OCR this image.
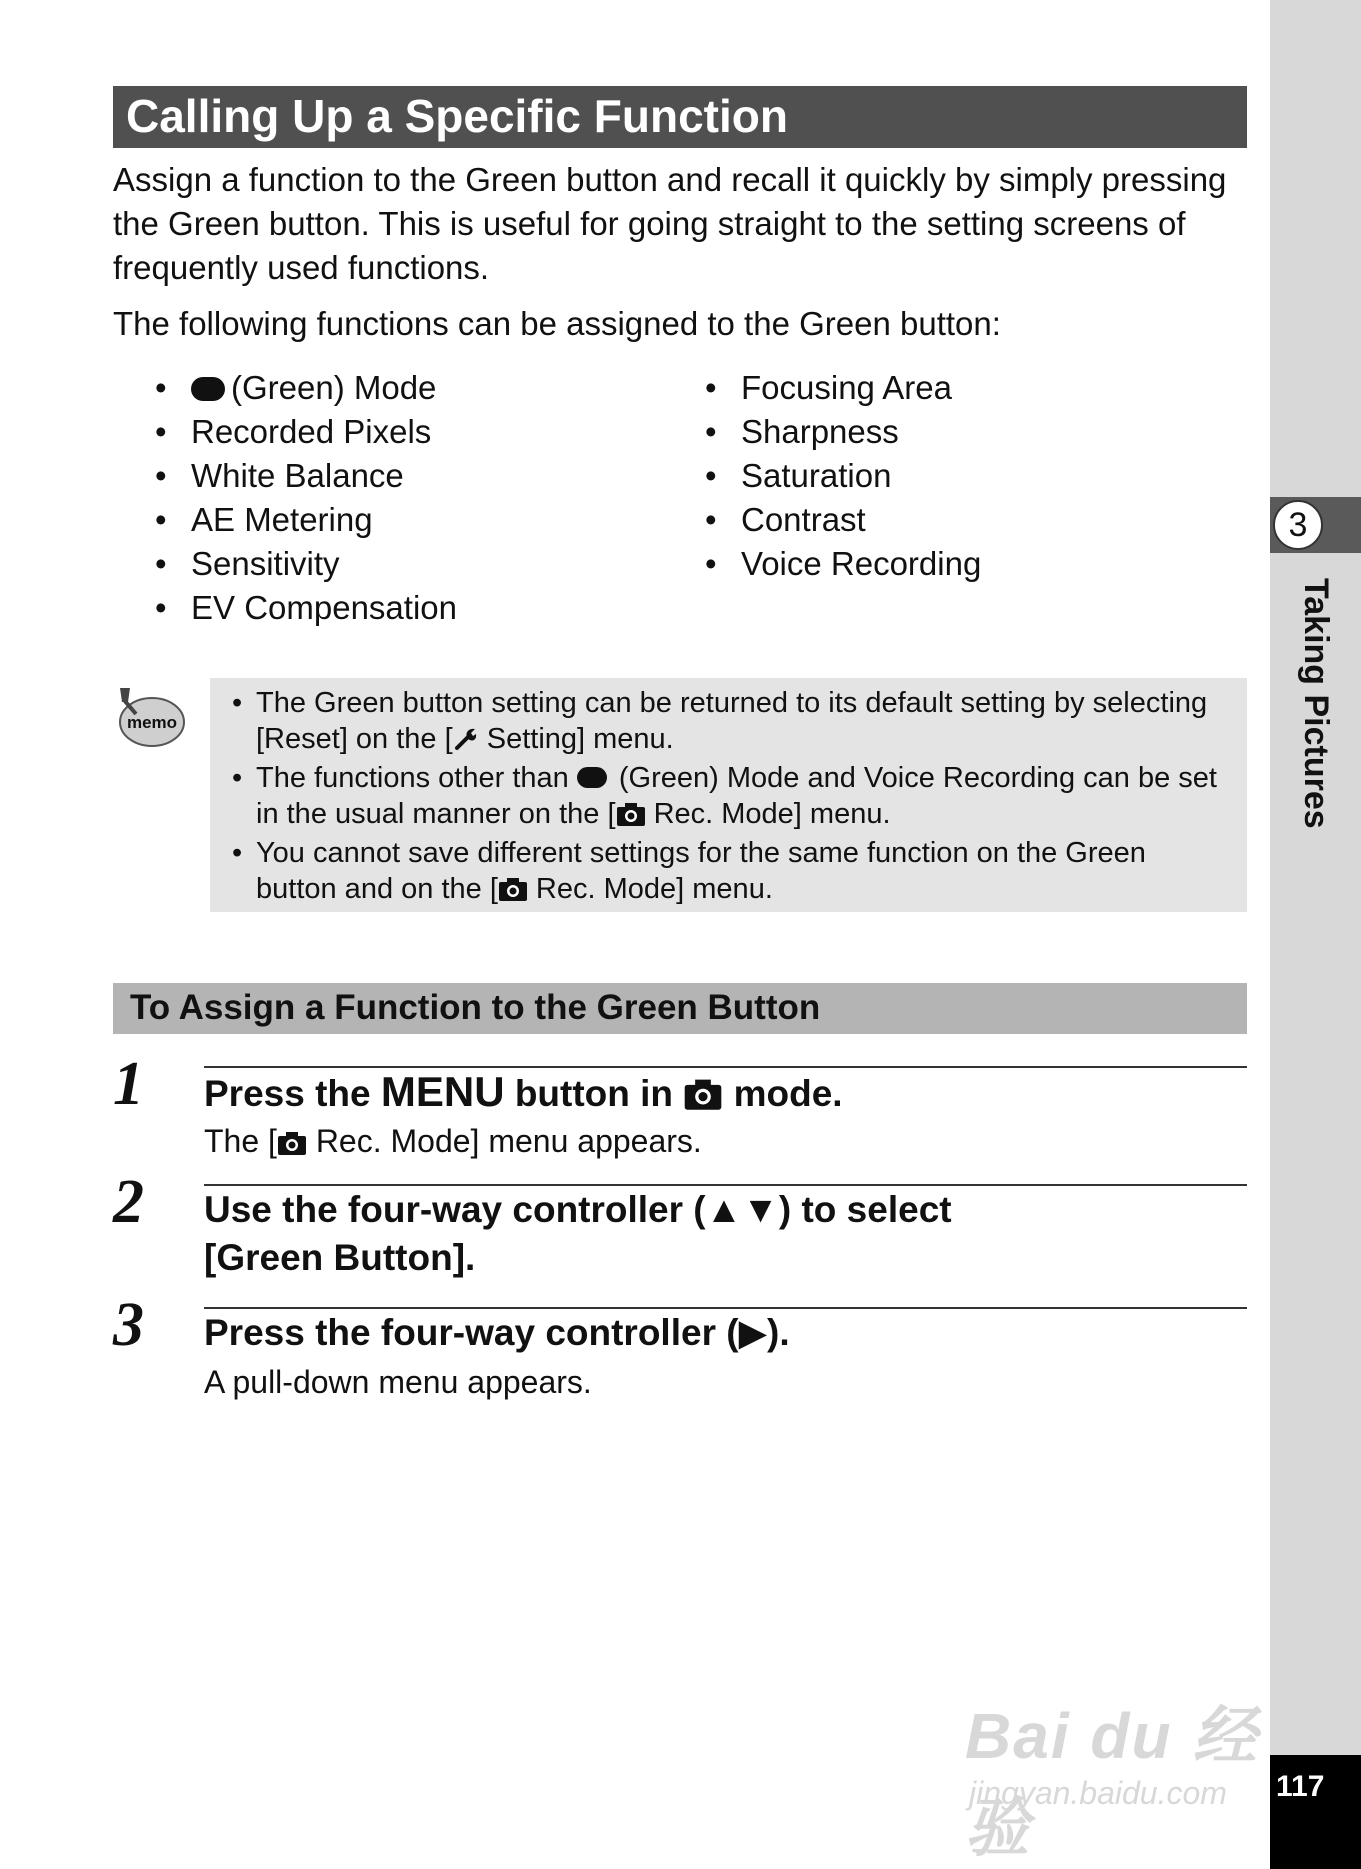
3
Taking Pictures
117
Calling Up a Specific Function

Assign a function to the Green button and recall it quickly by simply pressing the Green button. This is useful for going straight to the setting screens of frequently used functions.

The following functions can be assigned to the Green button:

• (Green) Mode
• Recorded Pixels
• White Balance
• AE Metering
• Sensitivity
• EV Compensation
• Focusing Area
• Sharpness
• Saturation
• Contrast
• Voice Recording
memo
• The Green button setting can be returned to its default setting by selecting [Reset] on the [ Setting] menu.
• The functions other than  (Green) Mode and Voice Recording can be set in the usual manner on the [ Rec. Mode] menu.
• You cannot save different settings for the same function on the Green button and on the [ Rec. Mode] menu.
To Assign a Function to the Green Button
1 Press the MENU button in  mode.
The [ Rec. Mode] menu appears.
2 Use the four-way controller (▲▼) to select
[Green Button].
3 Press the four-way controller (▶).
A pull-down menu appears.
Bai du 经验
jingyan.baidu.com
